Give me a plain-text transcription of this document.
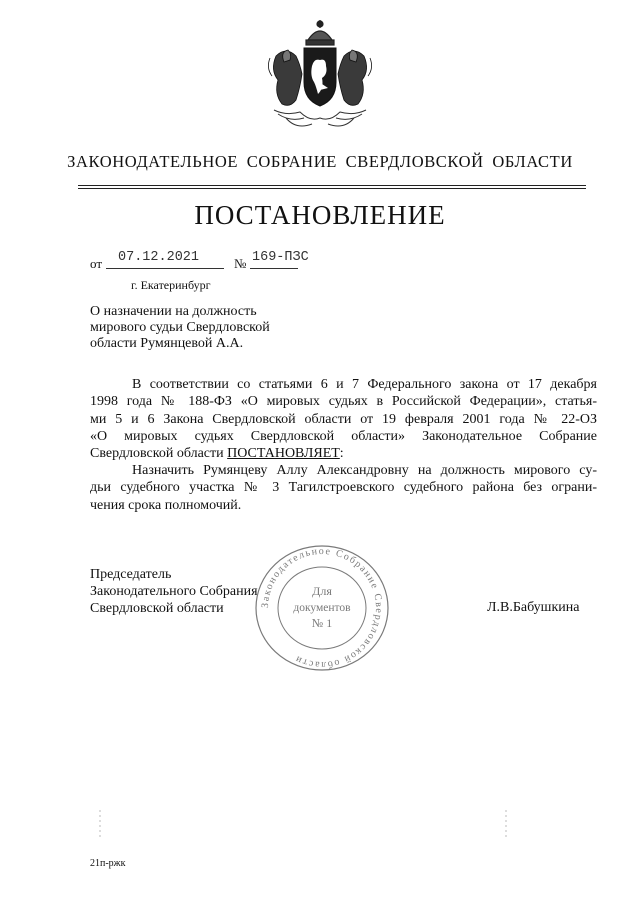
ЗАКОНОДАТЕЛЬНОЕ СОБРАНИЕ СВЕРДЛОВСКОЙ ОБЛАСТИ
ПОСТАНОВЛЕНИЕ
от 07.12.2021	№ 169-ПЗС
г. Екатеринбург
О назначении на должность
мирового судьи Свердловской
области Румянцевой А.А.
В соответствии со статьями 6 и 7 Федерального закона от 17 декабря
1998 года № 188-ФЗ «О мировых судьях в Российской Федерации», статья-
ми 5 и 6 Закона Свердловской области от 19 февраля 2001 года № 22-ОЗ
«О мировых судьях Свердловской области» Законодательное Собрание
Свердловской области ПОСТАНОВЛЯЕТ:
Назначить Румянцеву Аллу Александровну на должность мирового су-
дьи судебного участка № 3 Тагилстроевского судебного района без ограни-
чения срока полномочий.
Председатель
Законодательного Собрания
Свердловской области	Законодательное Собрание Свердловской области
Для
документов
№ 1
Л.В.Бабушкина
21п-ржк
